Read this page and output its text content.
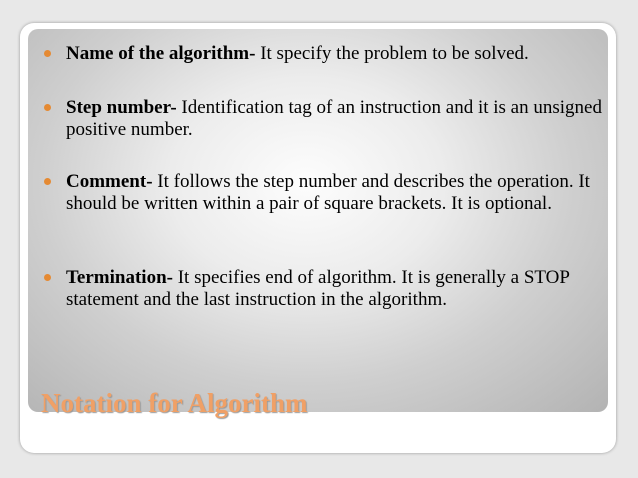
Name of the algorithm- It specify the problem to be solved.
Step number- Identification tag of an instruction and it is an unsigned positive number.
Comment- It follows the step number and describes the operation. It should be written within a pair of square brackets. It is optional.
Termination- It specifies end of algorithm. It is generally a STOP statement and the last instruction in the algorithm.
Notation for Algorithm
